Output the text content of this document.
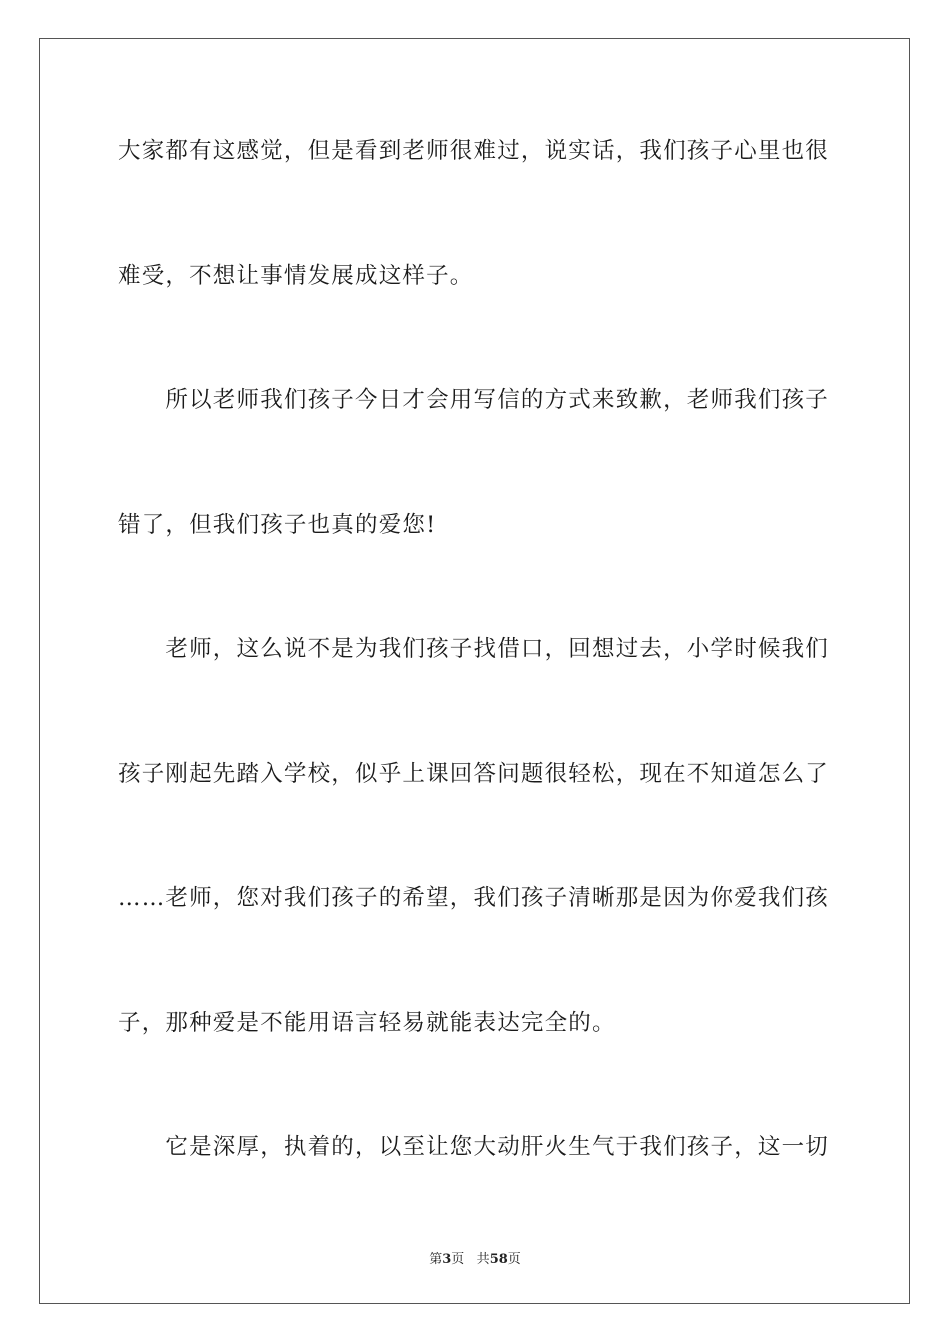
大家都有这感觉，但是看到老师很难过，说实话，我们孩子心里也很
难受，不想让事情发展成这样子。
　　所以老师我们孩子今日才会用写信的方式来致歉，老师我们孩子
错了，但我们孩子也真的爱您!
　　老师，这么说不是为我们孩子找借口，回想过去，小学时候我们
孩子刚起先踏入学校，似乎上课回答问题很轻松，现在不知道怎么了
……老师，您对我们孩子的希望，我们孩子清晰那是因为你爱我们孩
子，那种爱是不能用语言轻易就能表达完全的。
　　它是深厚，执着的，以至让您大动肝火生气于我们孩子，这一切
第3页 共58页
